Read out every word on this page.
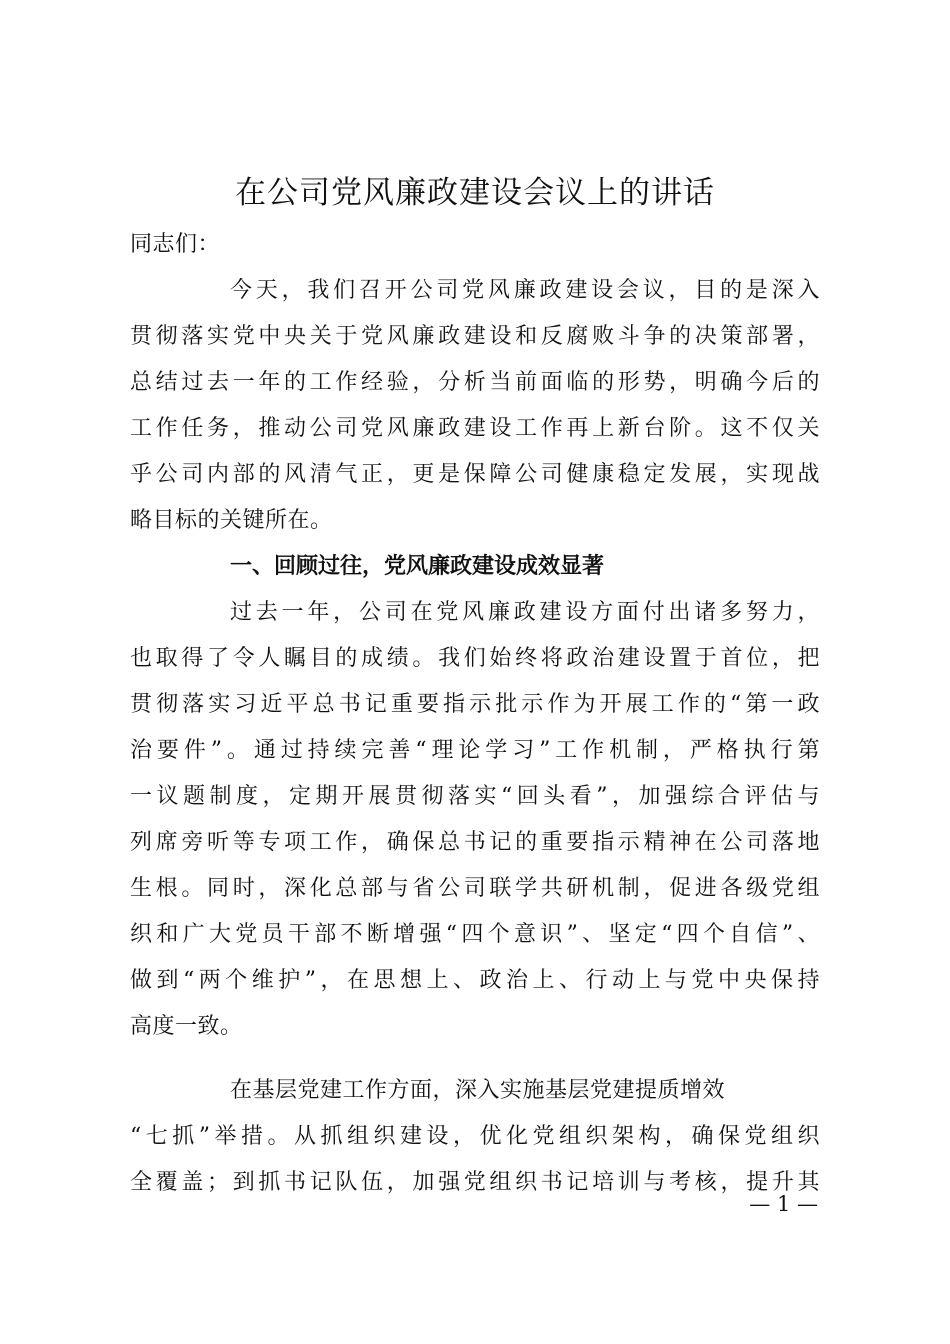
在公司党风廉政建设会议上的讲话
同志们：
今天，我们召开公司党风廉政建设会议，目的是深入
贯彻落实党中央关于党风廉政建设和反腐败斗争的决策部署，
总结过去一年的工作经验，分析当前面临的形势，明确今后的
工作任务，推动公司党风廉政建设工作再上新台阶。这不仅关
乎公司内部的风清气正，更是保障公司健康稳定发展，实现战
略目标的关键所在。
一、回顾过往，党风廉政建设成效显著
过去一年，公司在党风廉政建设方面付出诸多努力，
也取得了令人瞩目的成绩。我们始终将政治建设置于首位，把
贯彻落实习近平总书记重要指示批示作为开展工作的“第一政
治要件”。通过持续完善“理论学习”工作机制，严格执行第
一议题制度，定期开展贯彻落实“回头看”，加强综合评估与
列席旁听等专项工作，确保总书记的重要指示精神在公司落地
生根。同时，深化总部与省公司联学共研机制，促进各级党组
织和广大党员干部不断增强“四个意识”、坚定“四个自信”、
做到“两个维护”，在思想上、政治上、行动上与党中央保持
高度一致。
在基层党建工作方面，深入实施基层党建提质增效
“七抓”举措。从抓组织建设，优化党组织架构，确保党组织
全覆盖；到抓书记队伍，加强党组织书记培训与考核，提升其
— 1 —
